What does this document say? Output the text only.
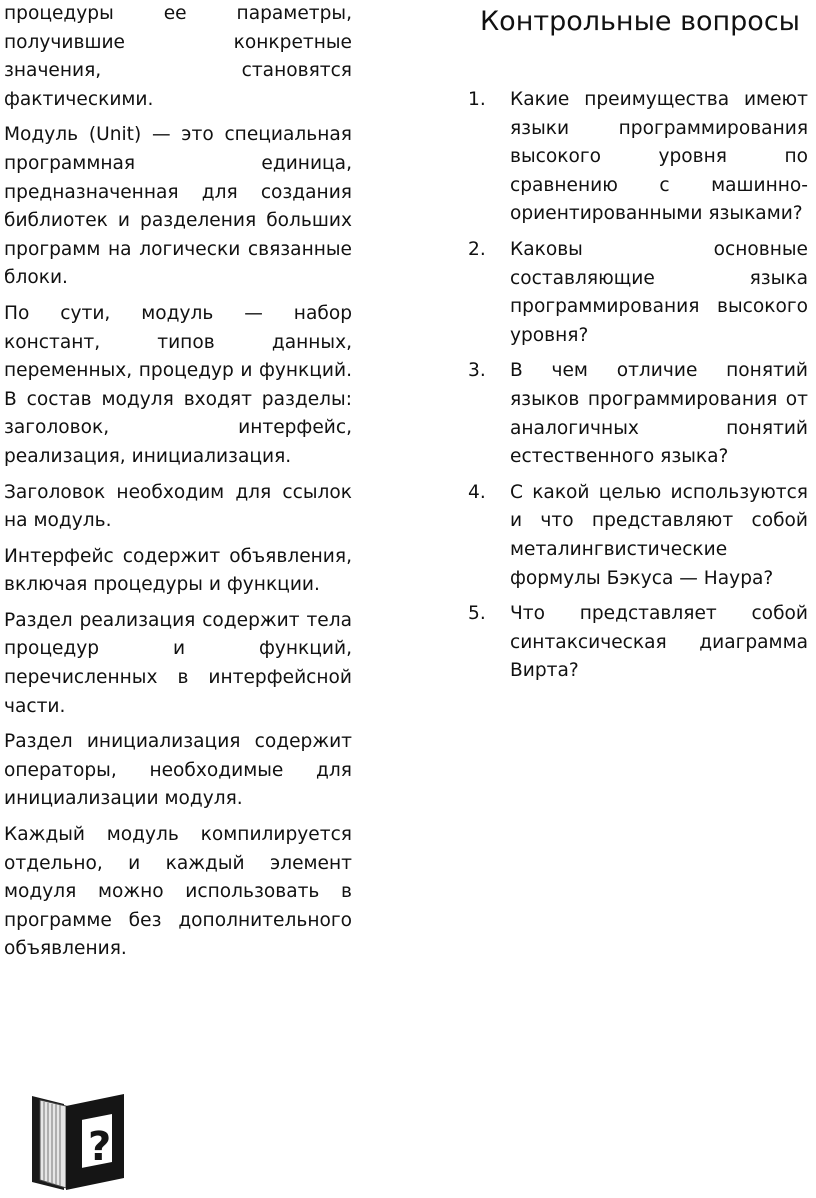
процедуры ее параметры, получившие конкретные значения, становятся фактическими.

Модуль (Unit) — это специальная программная единица, предназначенная для создания библиотек и разделения больших программ на логически связанные блоки.

По сути, модуль — набор констант, типов данных, переменных, процедур и функций. В состав модуля входят разделы: заголовок, интерфейс, реализация, инициализация.

Заголовок необходим для ссылок на модуль.

Интерфейс содержит объявления, включая процедуры и функции.

Раздел реализация содержит тела процедур и функций, перечисленных в интерфейсной части.

Раздел инициализация содержит операторы, необходимые для инициализации модуля.

Каждый модуль компилируется отдельно, и каждый элемент модуля можно использовать в программе без дополнительного объявления.

Контрольные вопросы
1.	Какие преимущества имеют языки программирования высокого уровня по сравнению с машинно-ориентированными языками?
2.	Каковы основные составляющие языка программирования высокого уровня?
3.	В чем отличие понятий языков программирования от аналогичных понятий естественного языка?
4.	С какой целью используются и что представляют собой металингвистические формулы Бэкуса — Наура?
5.	Что представляет собой синтаксическая диаграмма Вирта?
?
